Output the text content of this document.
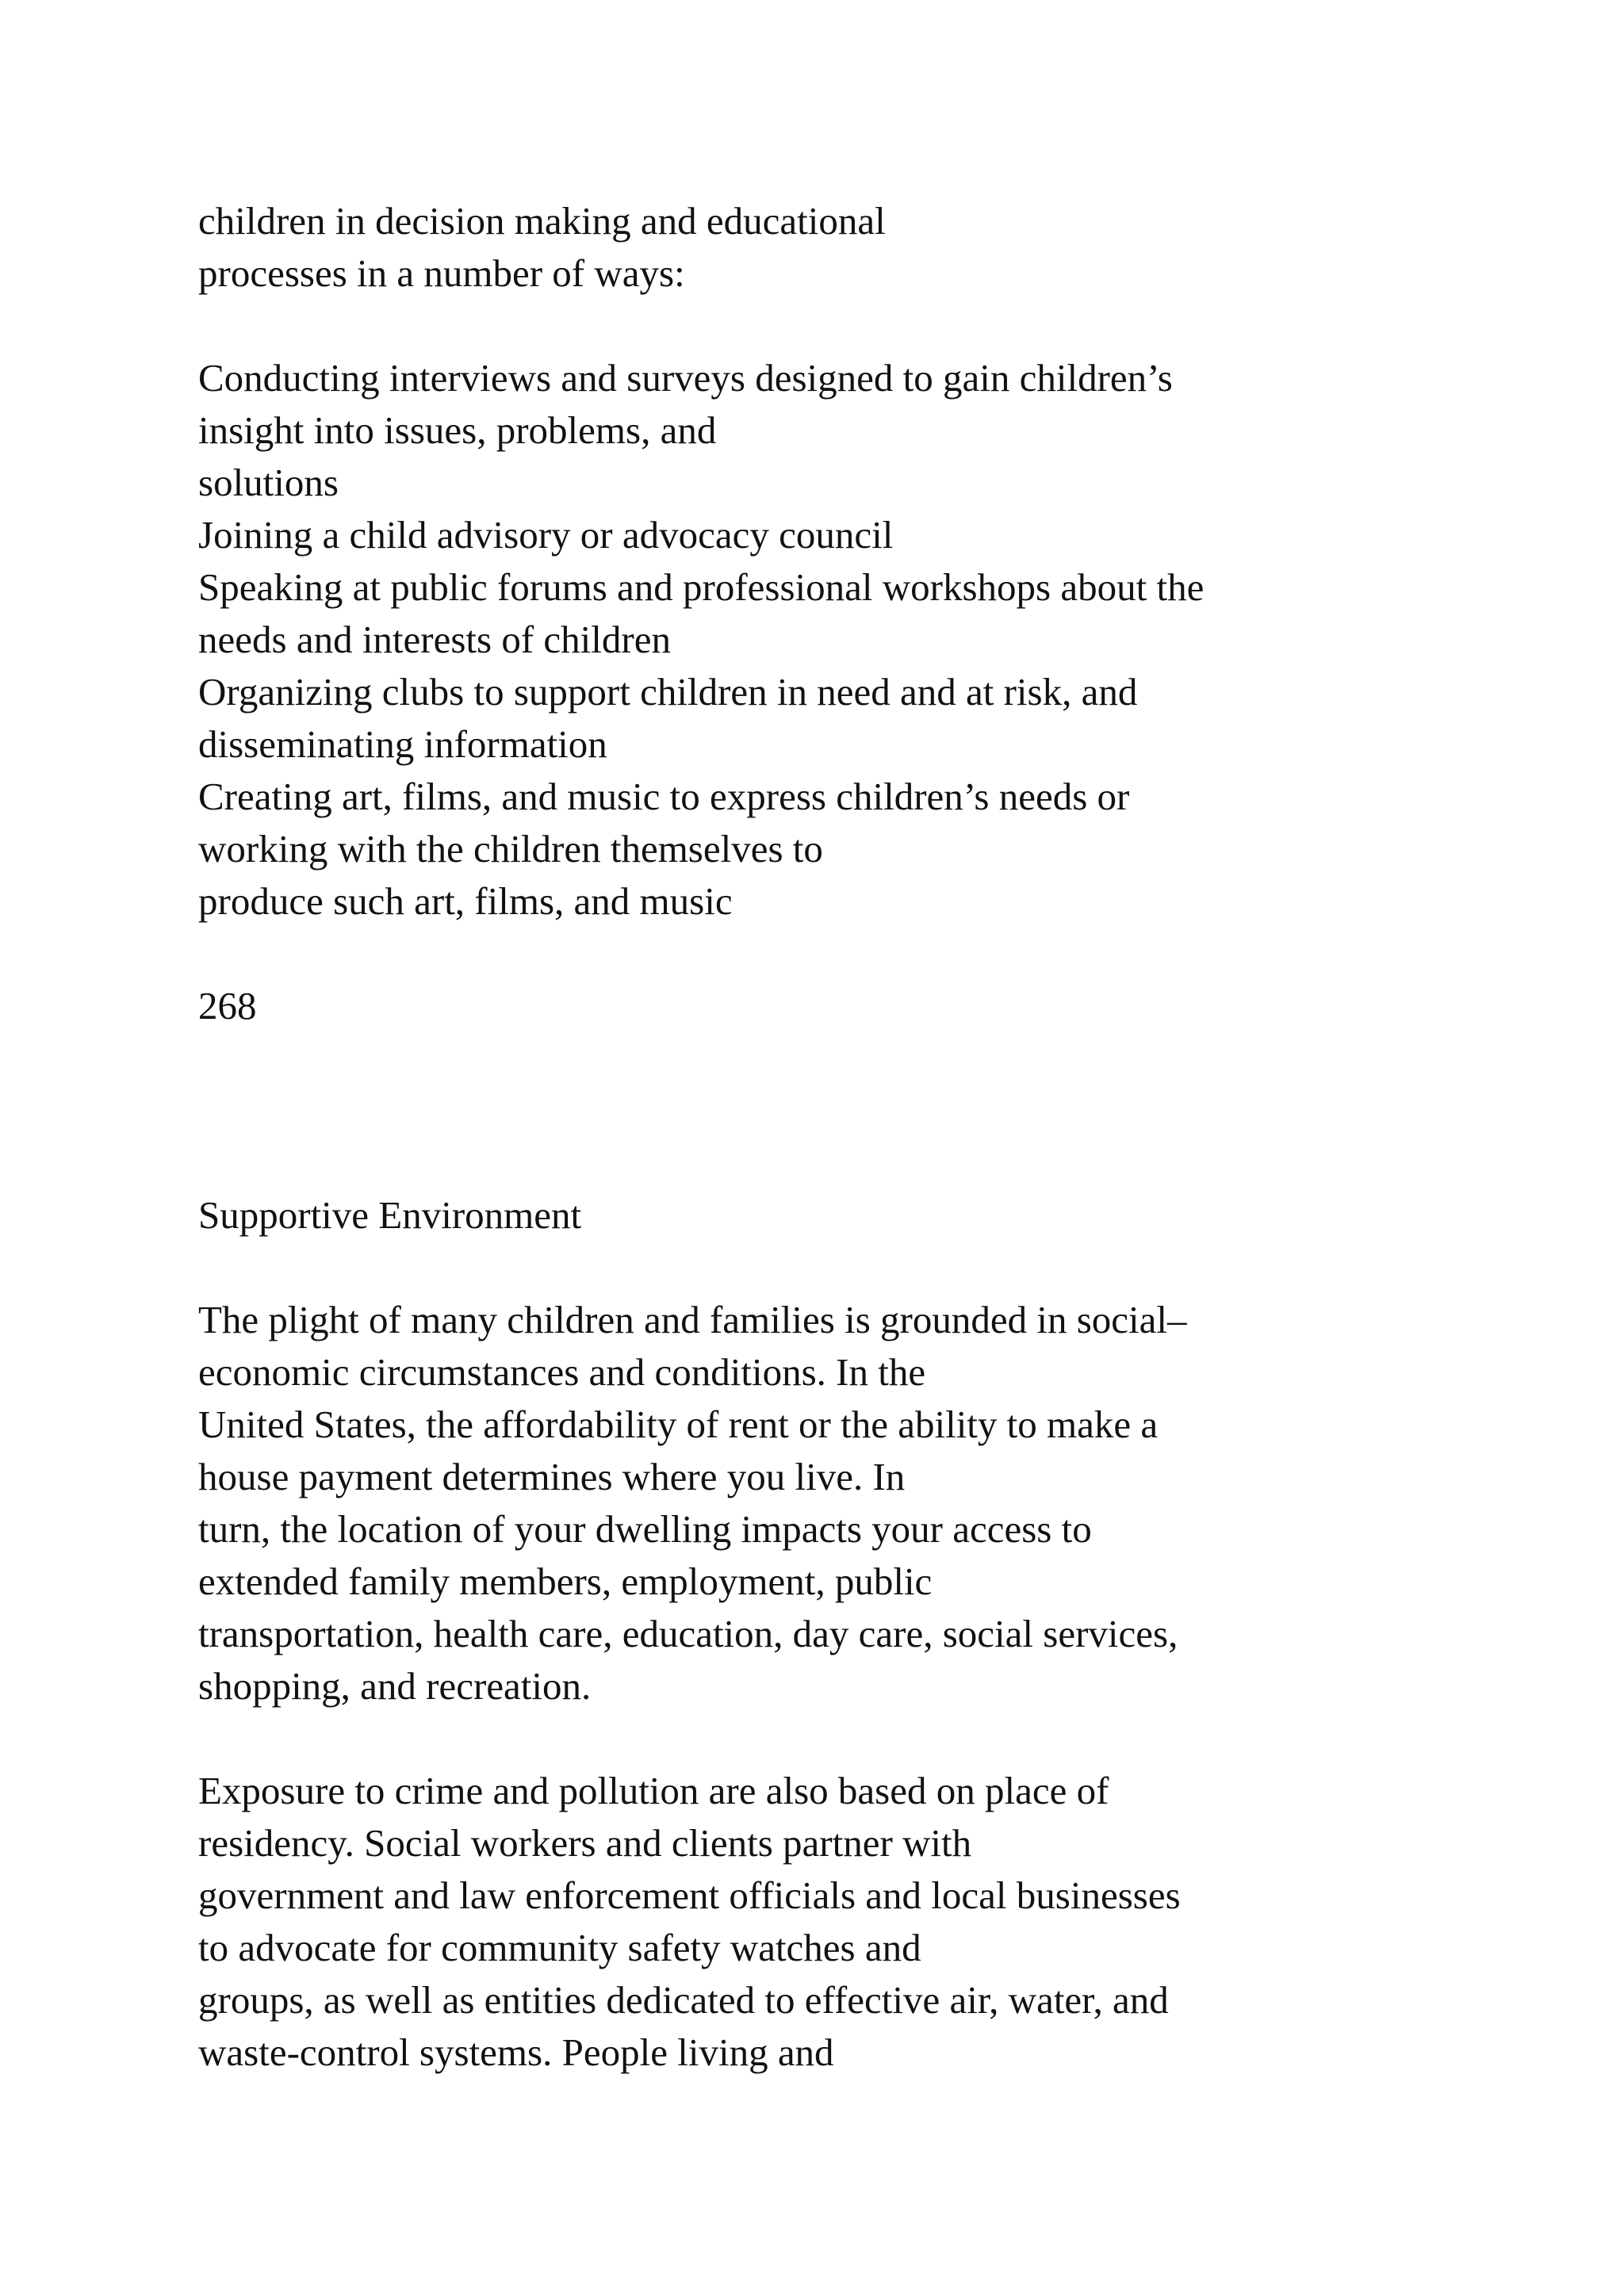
children in decision making and educational
processes in a number of ways:
Conducting interviews and surveys designed to gain children’s
insight into issues, problems, and
solutions
Joining a child advisory or advocacy council
Speaking at public forums and professional workshops about the
needs and interests of children
Organizing clubs to support children in need and at risk, and
disseminating information
Creating art, films, and music to express children’s needs or
working with the children themselves to
produce such art, films, and music
268
Supportive Environment
The plight of many children and families is grounded in social–
economic circumstances and conditions. In the
United States, the affordability of rent or the ability to make a
house payment determines where you live. In
turn, the location of your dwelling impacts your access to
extended family members, employment, public
transportation, health care, education, day care, social services,
shopping, and recreation.
Exposure to crime and pollution are also based on place of
residency. Social workers and clients partner with
government and law enforcement officials and local businesses
to advocate for community safety watches and
groups, as well as entities dedicated to effective air, water, and
waste-control systems. People living and
